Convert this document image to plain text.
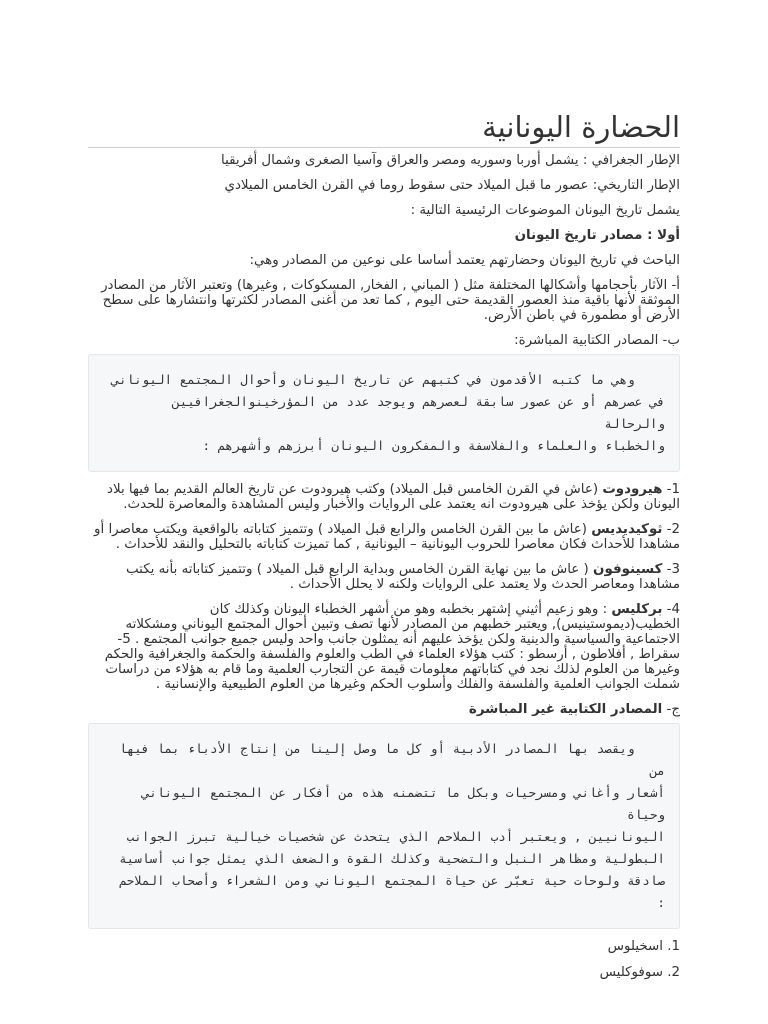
الحضارة اليونانية

الإطار الجغرافي : يشمل أوربا وسوريه ومصر والعراق وآسيا الصغرى وشمال أفريقيا

الإطار التاريخي: عصور ما قبل الميلاد حتى سقوط روما في القرن الخامس الميلادي

يشمل تاريخ اليونان الموضوعات الرئيسية التالية :

أولا : مصادر تاريخ اليونان

الباحث في تاريخ اليونان وحضارتهم يعتمد أساسا على نوعين من المصادر وهي:

أ- الآثار بأحجامها وأشكالها المختلفة مثل ( المباني , الفخار, المسكوكات , وغيرها) وتعتبر الآثار من المصادر الموثقة لأنها باقية منذ العصور القديمة حتى اليوم , كما تعد من أغنى المصادر لكثرتها وانتشارها على سطح الأرض أو مطمورة في باطن الأرض.

ب- المصادر الكتابية المباشرة:

وهي ما كتبه الأقدمون في كتبهم عن تاريخ اليونان وأحوال المجتمع اليوناني
في عصرهم أو عن عصور سابقة لعصرهم ويوجد عدد من المؤرخينوالجغرافيين والرحالة
والخطباء والعلماء والفلاسفة والمفكرون اليونان أبرزهم وأشهرهم :

1- هيرودوت (عاش في القرن الخامس قبل الميلاد) وكتب هيرودوت عن تاريخ العالم القديم بما فيها بلاد اليونان ولكن يؤخذ على هيرودوت انه يعتمد على الروايات والأخبار وليس المشاهدة والمعاصرة للحدث.

2- ثوكيديديس (عاش ما بين القرن الخامس والرابع قبل الميلاد ) وتتميز كتاباته بالواقعية ويكتب معاصرا أو مشاهدا للأحداث فكان معاصرا للحروب اليونانية – اليونانية , كما تميزت كتاباته بالتحليل والنقد للأحداث .

3- كسينوفون ( عاش ما بين نهاية القرن الخامس وبداية الرابع قبل الميلاد ) وتتميز كتاباته بأنه يكتب مشاهدا ومعاصر الحدث ولا يعتمد على الروايات ولكنه لا يحلل الأحداث .

4- بركليس : وهو زعيم أثيني إشتهر بخطبه وهو من أشهر الخطباء اليونان وكذلك كان الخطيب(ديموستينيس), ويعتبر خطبهم من المصادر لأنها تصف وتبين أحوال المجتمع اليوناني ومشكلاته الاجتماعية والسياسية والدينية ولكن يؤخذ عليهم أنه يمثلون جانب واحد وليس جميع جوانب المجتمع . 5- سقراط , أفلاطون , أرسطو : كتب هؤلاء العلماء في الطب والعلوم والفلسفة والحكمة والجغرافية والحكم وغيرها من العلوم لذلك نجد في كتاباتهم معلومات قيمة عن التجارب العلمية وما قام به هؤلاء من دراسات شملت الجوانب العلمية والفلسفة والفلك وأسلوب الحكم وغيرها من العلوم الطبيعية والإنسانية .

ج- المصادر الكتابية غير المباشرة

ويقصد بها المصادر الأدبية أو كل ما وصل إلينا من إنتاج الأدباء بما فيها من
أشعار وأغاني ومسرحيات وبكل ما تتضمنه هذه من أفكار عن المجتمع اليوناني وحياة
اليونانيين , ويعتبر أدب الملاحم الذي يتحدث عن شخصيات خيالية تبرز الجوانب
البطولية ومظاهر النبل والتضحية وكذلك القوة والضعف الذي يمثل جوانب أساسية
صادقة ولوحات حية تعبّر عن حياة المجتمع اليوناني ومن الشعراء وأصحاب الملاحم :
1. اسخيلوس
2. سوفوكليس
